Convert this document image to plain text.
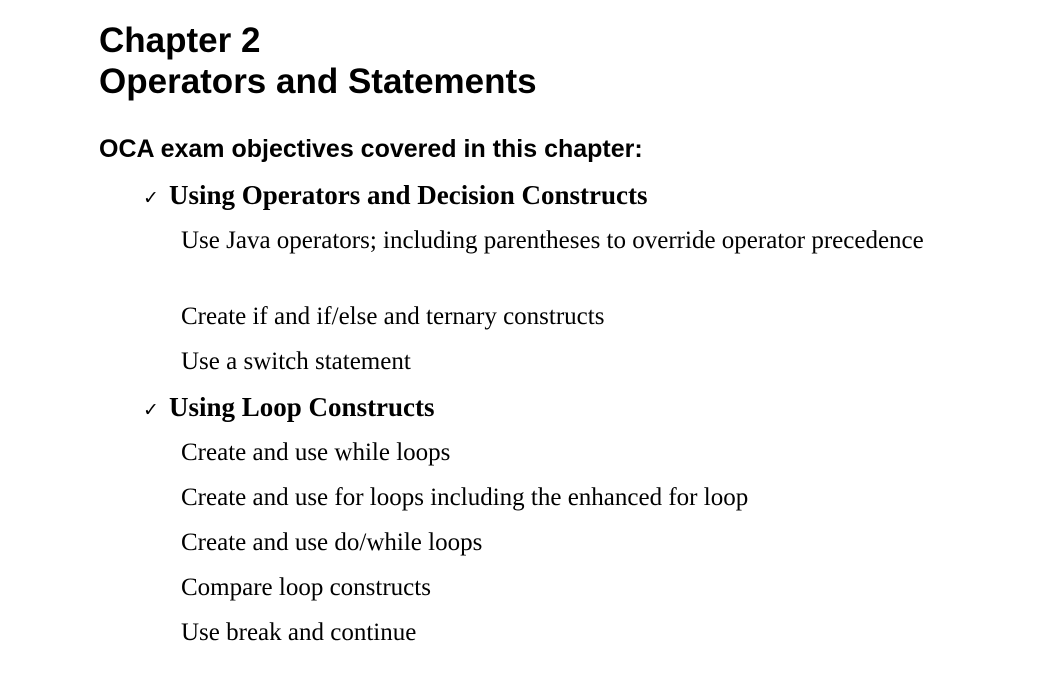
Chapter 2
Operators and Statements

OCA exam objectives covered in this chapter:

✓ Using Operators and Decision Constructs

Use Java operators; including parentheses to override operator precedence

Create if and if/else and ternary constructs

Use a switch statement

✓ Using Loop Constructs

Create and use while loops

Create and use for loops including the enhanced for loop

Create and use do/while loops

Compare loop constructs

Use break and continue
